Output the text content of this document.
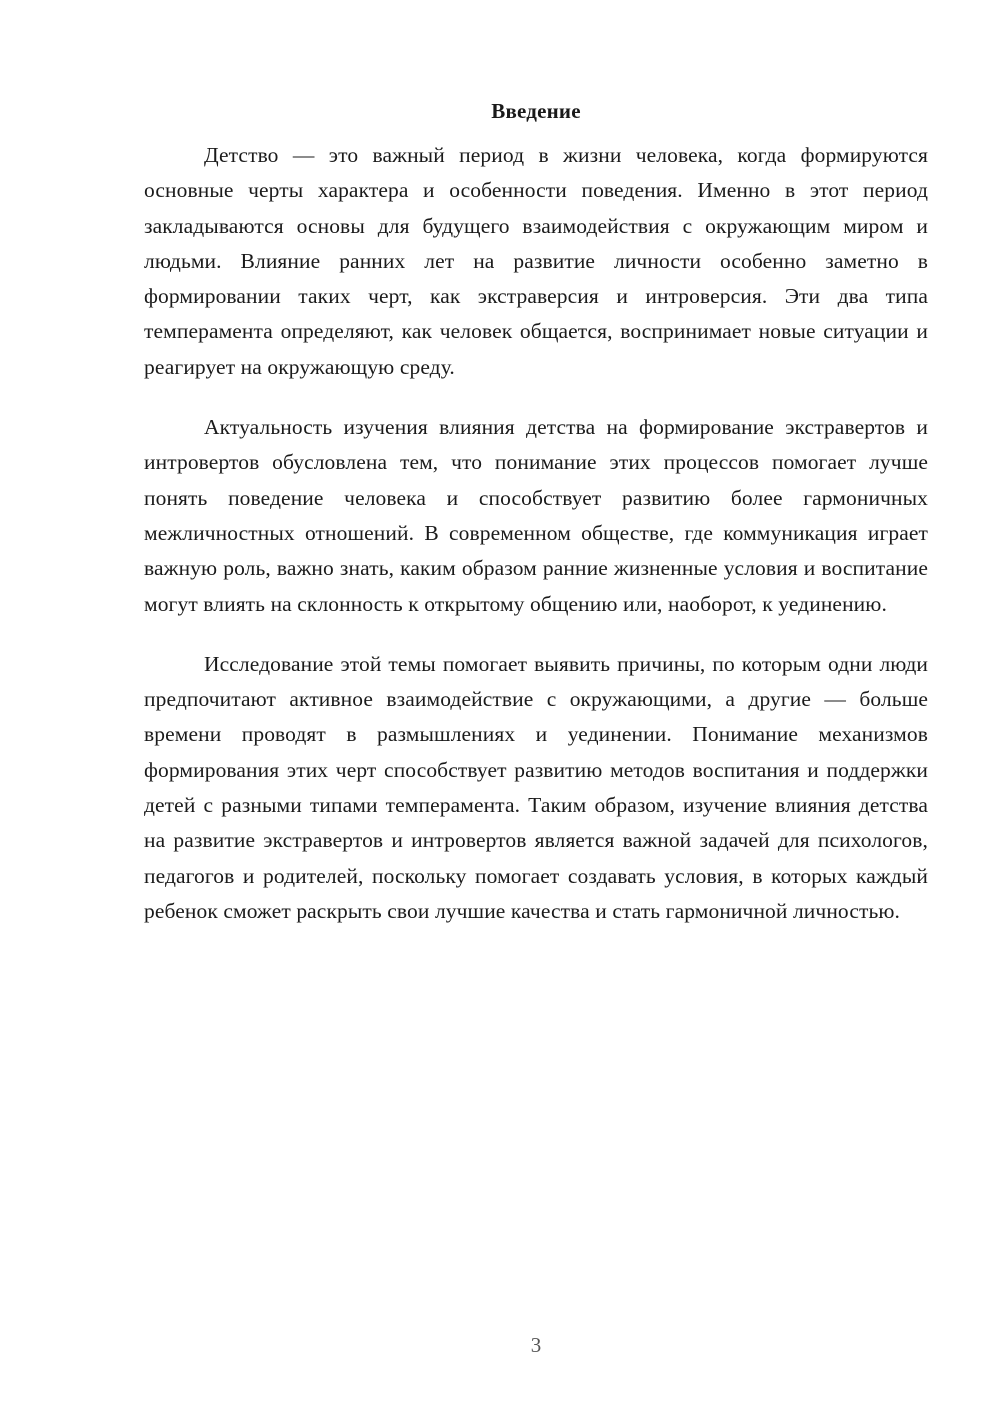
Введение

Детство — это важный период в жизни человека, когда формируются основные черты характера и особенности поведения. Именно в этот период закладываются основы для будущего взаимодействия с окружающим миром и людьми. Влияние ранних лет на развитие личности особенно заметно в формировании таких черт, как экстраверсия и интроверсия. Эти два типа темперамента определяют, как человек общается, воспринимает новые ситуации и реагирует на окружающую среду.

Актуальность изучения влияния детства на формирование экстравертов и интровертов обусловлена тем, что понимание этих процессов помогает лучше понять поведение человека и способствует развитию более гармоничных межличностных отношений. В современном обществе, где коммуникация играет важную роль, важно знать, каким образом ранние жизненные условия и воспитание могут влиять на склонность к открытому общению или, наоборот, к уединению.

Исследование этой темы помогает выявить причины, по которым одни люди предпочитают активное взаимодействие с окружающими, а другие — больше времени проводят в размышлениях и уединении. Понимание механизмов формирования этих черт способствует развитию методов воспитания и поддержки детей с разными типами темперамента. Таким образом, изучение влияния детства на развитие экстравертов и интровертов является важной задачей для психологов, педагогов и родителей, поскольку помогает создавать условия, в которых каждый ребенок сможет раскрыть свои лучшие качества и стать гармоничной личностью.

3
